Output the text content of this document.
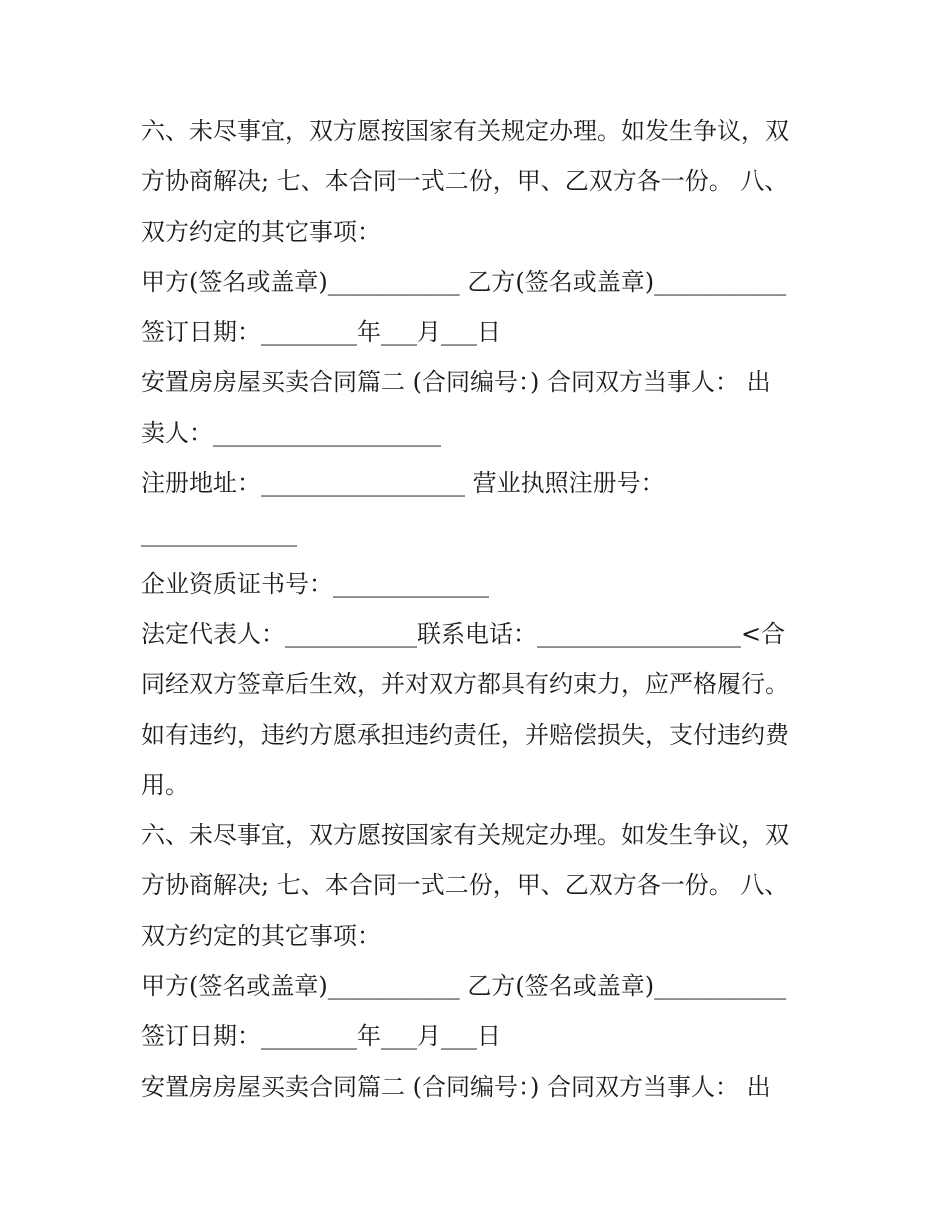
六、未尽事宜，双方愿按国家有关规定办理。如发生争议，双
方协商解决; 七、本合同一式二份，甲、乙双方各一份。 八、
双方约定的其它事项：
甲方(签名或盖章)___________ 乙方(签名或盖章)___________
签订日期：________年___月___日
安置房房屋买卖合同篇二 (合同编号：) 合同双方当事人： 出
卖人：___________________
注册地址：_________________ 营业执照注册号：
_____________
企业资质证书号：_____________
法定代表人：___________联系电话：_________________<合
同经双方签章后生效，并对双方都具有约束力，应严格履行。
如有违约，违约方愿承担违约责任，并赔偿损失，支付违约费
用。
六、未尽事宜，双方愿按国家有关规定办理。如发生争议，双
方协商解决; 七、本合同一式二份，甲、乙双方各一份。 八、
双方约定的其它事项：
甲方(签名或盖章)___________ 乙方(签名或盖章)___________
签订日期：________年___月___日
安置房房屋买卖合同篇二 (合同编号：) 合同双方当事人： 出
